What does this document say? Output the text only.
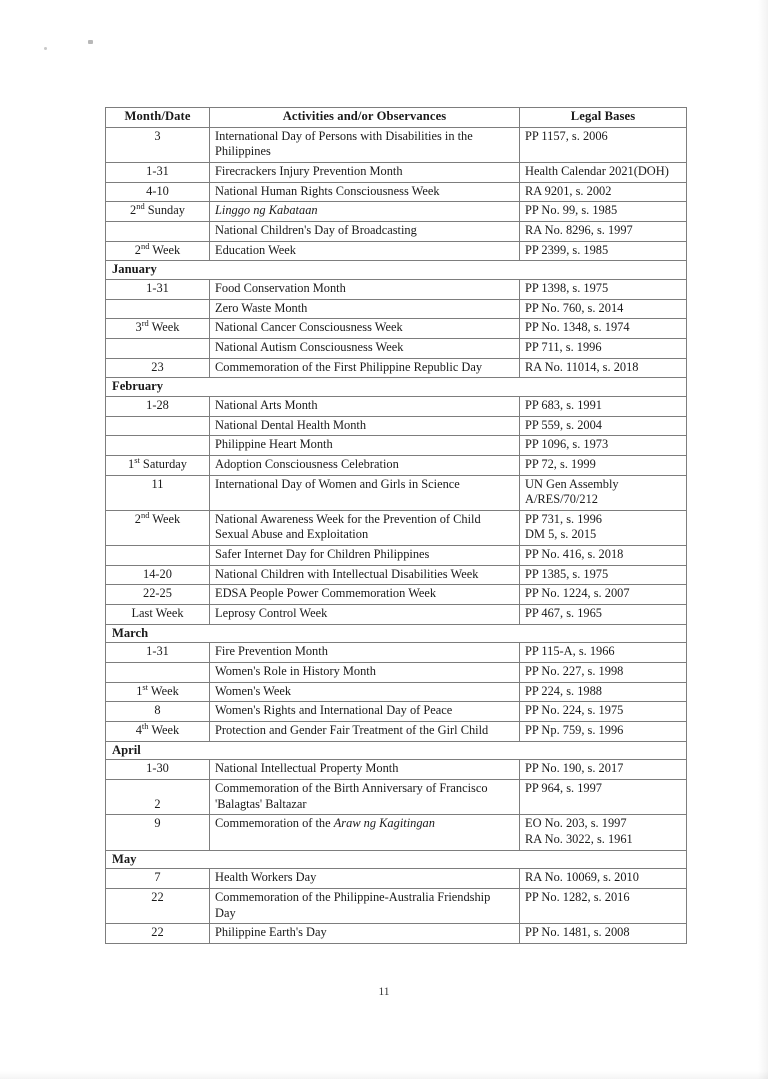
Month/Date	Activities and/or Observances	Legal Bases
3	International Day of Persons with Disabilities in the Philippines	PP 1157, s. 2006

1-31	Firecrackers Injury Prevention Month	Health Calendar 2021(DOH)

4-10	National Human Rights Consciousness Week	RA 9201, s. 2002

2nd Sunday	Linggo ng Kabataan	PP No. 99, s. 1985

	National Children's Day of Broadcasting	RA No. 8296, s. 1997

2nd Week	Education Week	PP 2399, s. 1985

January		
1-31	Food Conservation Month	PP 1398, s. 1975

	Zero Waste Month	PP No. 760, s. 2014

3rd Week	National Cancer Consciousness Week	PP No. 1348, s. 1974

	National Autism Consciousness Week	PP 711, s. 1996

23	Commemoration of the First Philippine Republic Day	RA No. 11014, s. 2018

February		
1-28	National Arts Month	PP 683, s. 1991

	National Dental Health Month	PP 559, s. 2004

	Philippine Heart Month	PP 1096, s. 1973

1st Saturday	Adoption Consciousness Celebration	PP 72, s. 1999

11	International Day of Women and Girls in Science	UN Gen Assembly A/RES/70/212

2nd Week	National Awareness Week for the Prevention of Child Sexual Abuse and Exploitation	PP 731, s. 1996
DM 5, s. 2015

	Safer Internet Day for Children Philippines	PP No. 416, s. 2018

14-20	National Children with Intellectual Disabilities Week	PP 1385, s. 1975

22-25	EDSA People Power Commemoration Week	PP No. 1224, s. 2007

Last Week	Leprosy Control Week	PP 467, s. 1965

March		
1-31	Fire Prevention Month	PP 115-A, s. 1966

	Women's Role in History Month	PP No. 227, s. 1998

1st Week	Women's Week	PP 224, s. 1988

8	Women's Rights and International Day of Peace	PP No. 224, s. 1975

4th Week	Protection and Gender Fair Treatment of the Girl Child	PP Np. 759, s. 1996

April		
1-30	National Intellectual Property Month	PP No. 190, s. 2017

2	Commemoration of the Birth Anniversary of Francisco 'Balagtas' Baltazar	PP 964, s. 1997

9	Commemoration of the Araw ng Kagitingan	EO No. 203, s. 1997
RA No. 3022, s. 1961

May		
7	Health Workers Day	RA No. 10069, s. 2010

22	Commemoration of the Philippine-Australia Friendship Day	PP No. 1282, s. 2016

22	Philippine Earth's Day	PP No. 1481, s. 2008
11
